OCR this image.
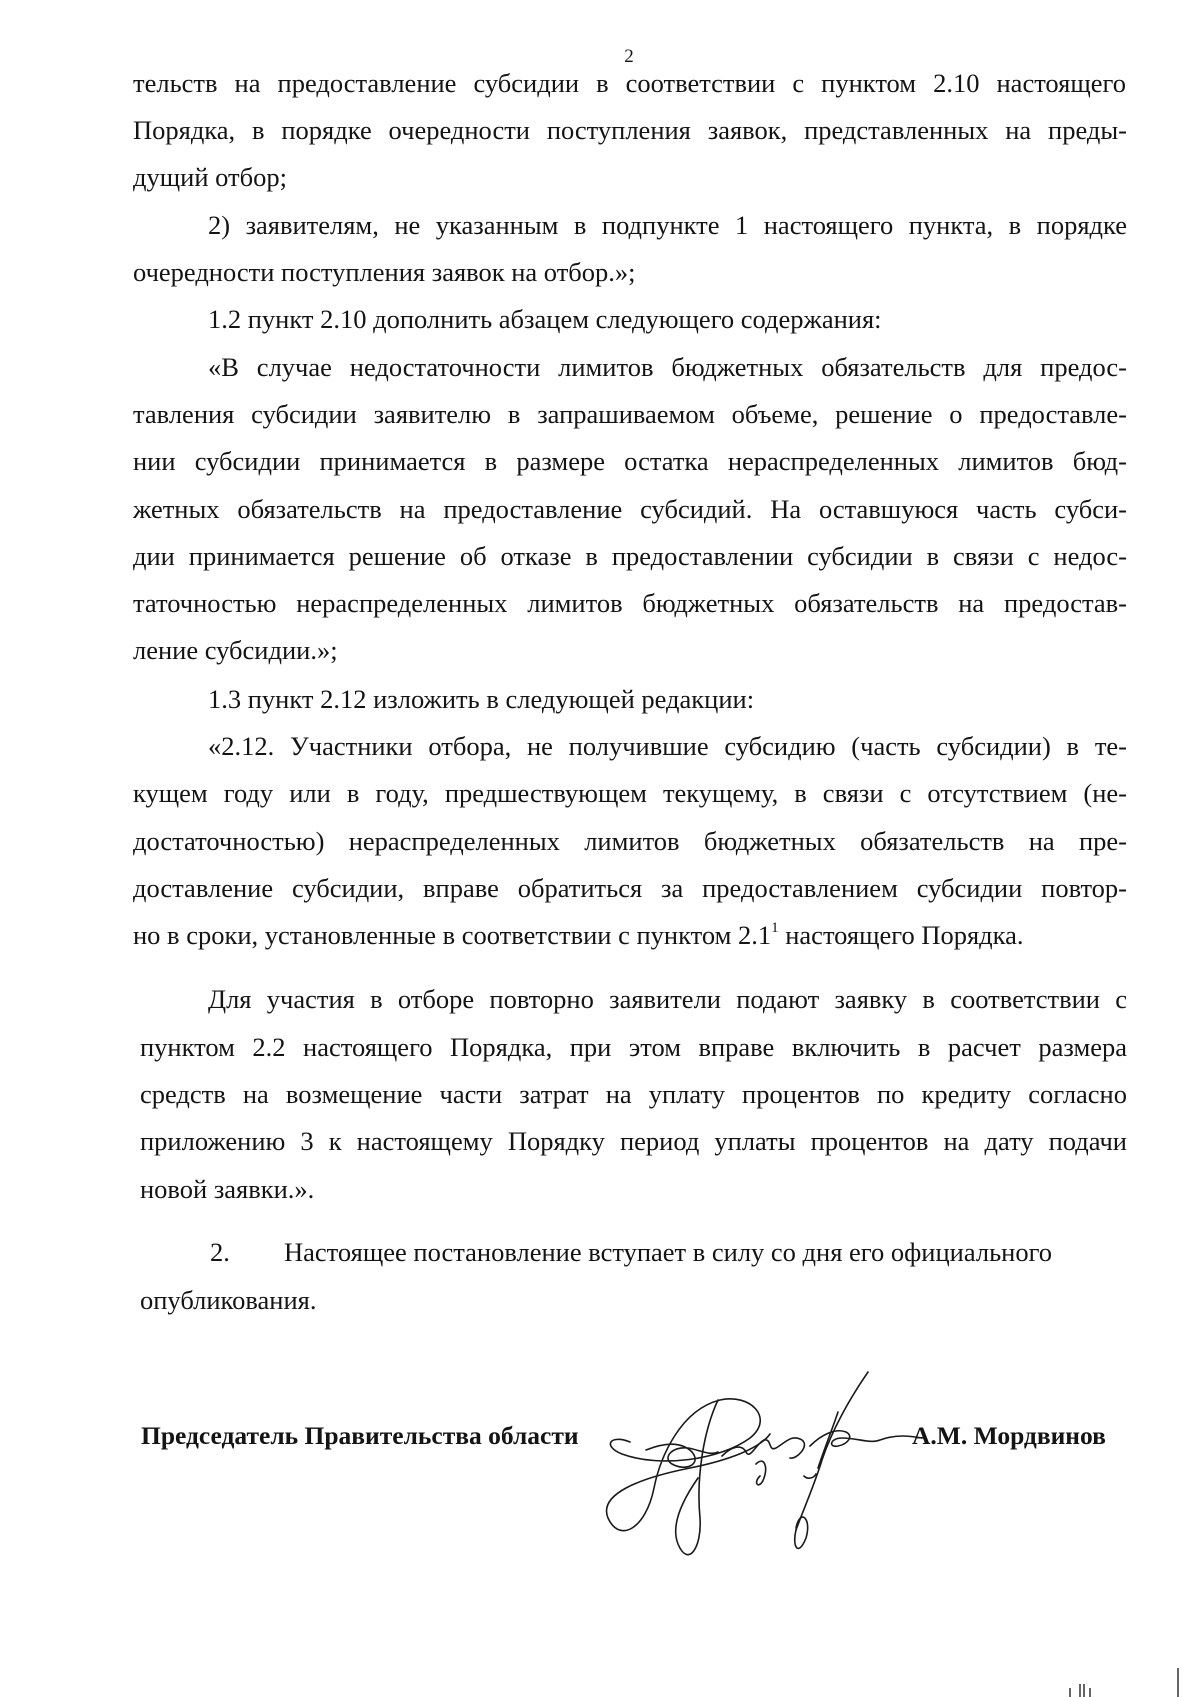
2
тельств на предоставление субсидии в соответствии с пунктом 2.10 настоящего
Порядка, в порядке очередности поступления заявок, представленных на преды-
дущий отбор;
2) заявителям, не указанным в подпункте 1 настоящего пункта, в порядке
очередности поступления заявок на отбор.»;
1.2 пункт 2.10 дополнить абзацем следующего содержания:
«В случае недостаточности лимитов бюджетных обязательств для предос-
тавления субсидии заявителю в запрашиваемом объеме, решение о предоставле-
нии субсидии принимается в размере остатка нераспределенных лимитов бюд-
жетных обязательств на предоставление субсидий. На оставшуюся часть субси-
дии принимается решение об отказе в предоставлении субсидии в связи с недос-
таточностью нераспределенных лимитов бюджетных обязательств на предостав-
ление субсидии.»;
1.3 пункт 2.12 изложить в следующей редакции:
«2.12. Участники отбора, не получившие субсидию (часть субсидии) в те-
кущем году или в году, предшествующем текущему, в связи с отсутствием (не-
достаточностью) нераспределенных лимитов бюджетных обязательств на пре-
доставление субсидии, вправе обратиться за предоставлением субсидии повтор-
но в сроки, установленные в соответствии с пунктом $2.1^1$ настоящего Порядка.
Для участия в отборе повторно заявители подают заявку в соответствии с
пунктом 2.2 настоящего Порядка, при этом вправе включить в расчет размера
средств на возмещение части затрат на уплату процентов по кредиту согласно
приложению 3 к настоящему Порядку период уплаты процентов на дату подачи
новой заявки.».
2. Настоящее постановление вступает в силу со дня его официального
опубликования.
Председатель Правительства области	А.М. Мордвинов
